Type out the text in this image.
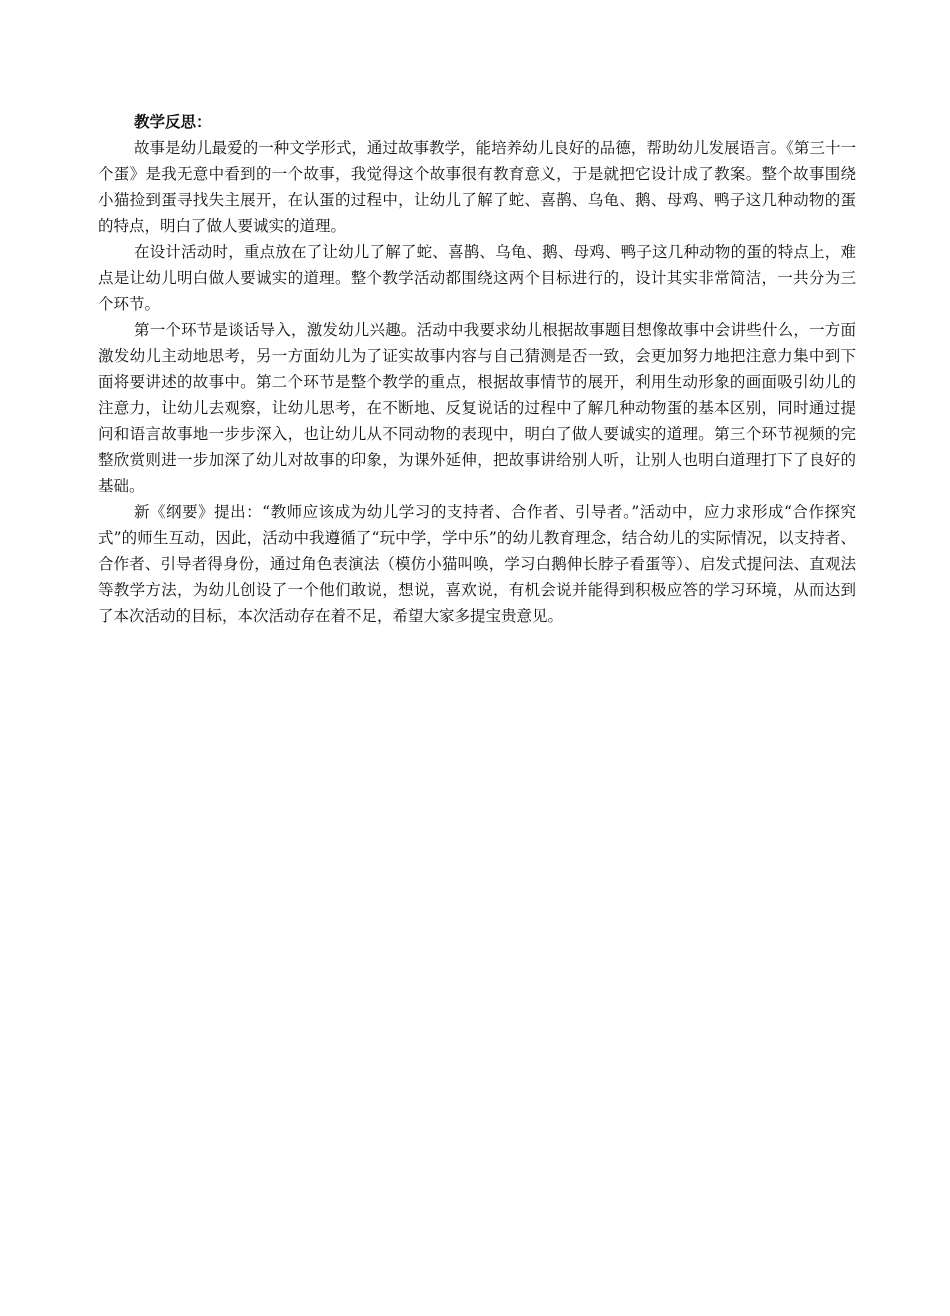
教学反思：

故事是幼儿最爱的一种文学形式，通过故事教学，能培养幼儿良好的品德，帮助幼儿发展语言。《第三十一个蛋》是我无意中看到的一个故事，我觉得这个故事很有教育意义，于是就把它设计成了教案。整个故事围绕小猫捡到蛋寻找失主展开，在认蛋的过程中，让幼儿了解了蛇、喜鹊、乌龟、鹅、母鸡、鸭子这几种动物的蛋的特点，明白了做人要诚实的道理。

在设计活动时，重点放在了让幼儿了解了蛇、喜鹊、乌龟、鹅、母鸡、鸭子这几种动物的蛋的特点上，难点是让幼儿明白做人要诚实的道理。整个教学活动都围绕这两个目标进行的，设计其实非常简洁，一共分为三个环节。

第一个环节是谈话导入，激发幼儿兴趣。活动中我要求幼儿根据故事题目想像故事中会讲些什么，一方面激发幼儿主动地思考，另一方面幼儿为了证实故事内容与自己猜测是否一致，会更加努力地把注意力集中到下面将要讲述的故事中。第二个环节是整个教学的重点，根据故事情节的展开，利用生动形象的画面吸引幼儿的注意力，让幼儿去观察，让幼儿思考，在不断地、反复说话的过程中了解几种动物蛋的基本区别，同时通过提问和语言故事地一步步深入，也让幼儿从不同动物的表现中，明白了做人要诚实的道理。第三个环节视频的完整欣赏则进一步加深了幼儿对故事的印象，为课外延伸，把故事讲给别人听，让别人也明白道理打下了良好的基础。

新《纲要》提出：“教师应该成为幼儿学习的支持者、合作者、引导者。”活动中，应力求形成“合作探究式”的师生互动，因此，活动中我遵循了“玩中学，学中乐”的幼儿教育理念，结合幼儿的实际情况，以支持者、合作者、引导者得身份，通过角色表演法（模仿小猫叫唤，学习白鹅伸长脖子看蛋等）、启发式提问法、直观法等教学方法，为幼儿创设了一个他们敢说，想说，喜欢说，有机会说并能得到积极应答的学习环境，从而达到了本次活动的目标，本次活动存在着不足，希望大家多提宝贵意见。
